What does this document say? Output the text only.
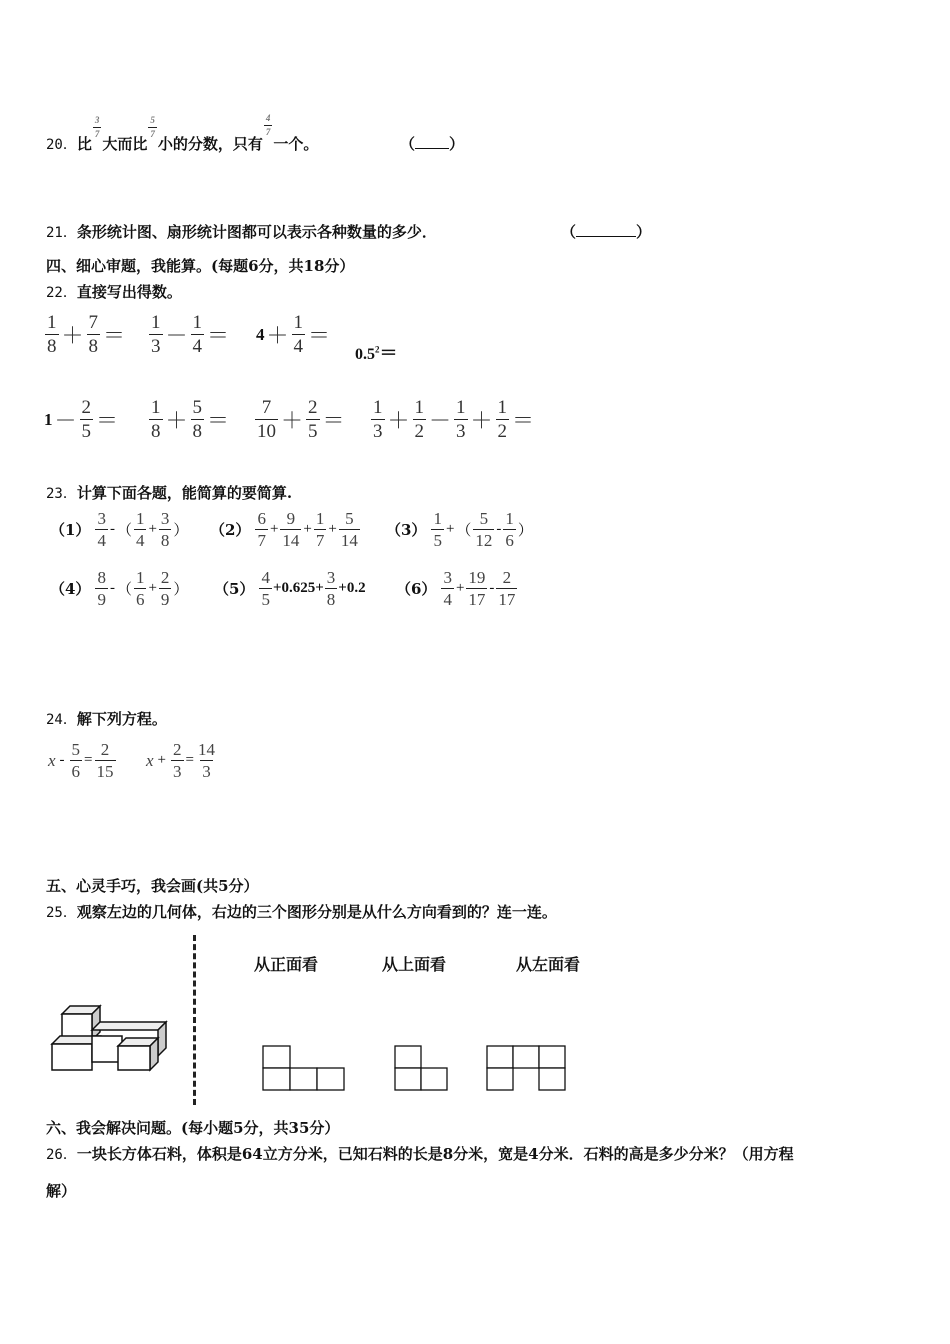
20．比
$\frac{3}{7}$
大而比
$\frac{5}{7}$
小的分数，只有
$\frac{4}{7}$
一个。	（ ）
21．条形统计图、扇形统计图都可以表示各种数量的多少．	（	）
四、细心审题，我能算。(每题6分，共18分）
22．直接写出得数。
$\frac{1}{8} + \frac{7}{8} = \frac{1}{3} - \frac{1}{4} = 4 + \frac{1}{4}$ ＝
$0.5^2=$
$1 - \frac{2}{5} = \frac{1}{8} + \frac{5}{8} = \frac{7}{10} + \frac{2}{5} = \frac{1}{3} + \frac{1}{2} - \frac{1}{3} + \frac{1}{2}$ ＝
23．计算下面各题，能简算的要简算.
$(1) \frac{3}{4}$ - （ $\frac{1}{4} + \frac{3}{8}$ ） $(2) \frac{6}{7} + \frac{9}{14} + \frac{1}{7} + \frac{5}{14} (3) \frac{1}{5}$ + （ $\frac{5}{12} - \frac{1}{6}$ ）
$(4) \frac{8}{9}$ - （ $\frac{1}{6} + \frac{2}{9}$ ） $(5) \frac{4}{5} +0.625+ \frac{3}{8} +0.2$ $(6) \frac{3}{4} + \frac{19}{17} - \frac{2}{17}$
24．解下列方程。
$x - \frac{5}{6} = \frac{2}{15}$ $x + \frac{2}{3} = \frac{14}{3}$
五、心灵手巧，我会画(共5分）
25．观察左边的几何体，右边的三个图形分别是从什么方向看到的？连一连。
从正面看	从上面看	从左面看
六、我会解决问题。(每小题5分，共35分）
26．一块长方体石料，体积是64立方分米，已知石料的长是8分米，宽是4分米．石料的高是多少分米？（用方程
解）
